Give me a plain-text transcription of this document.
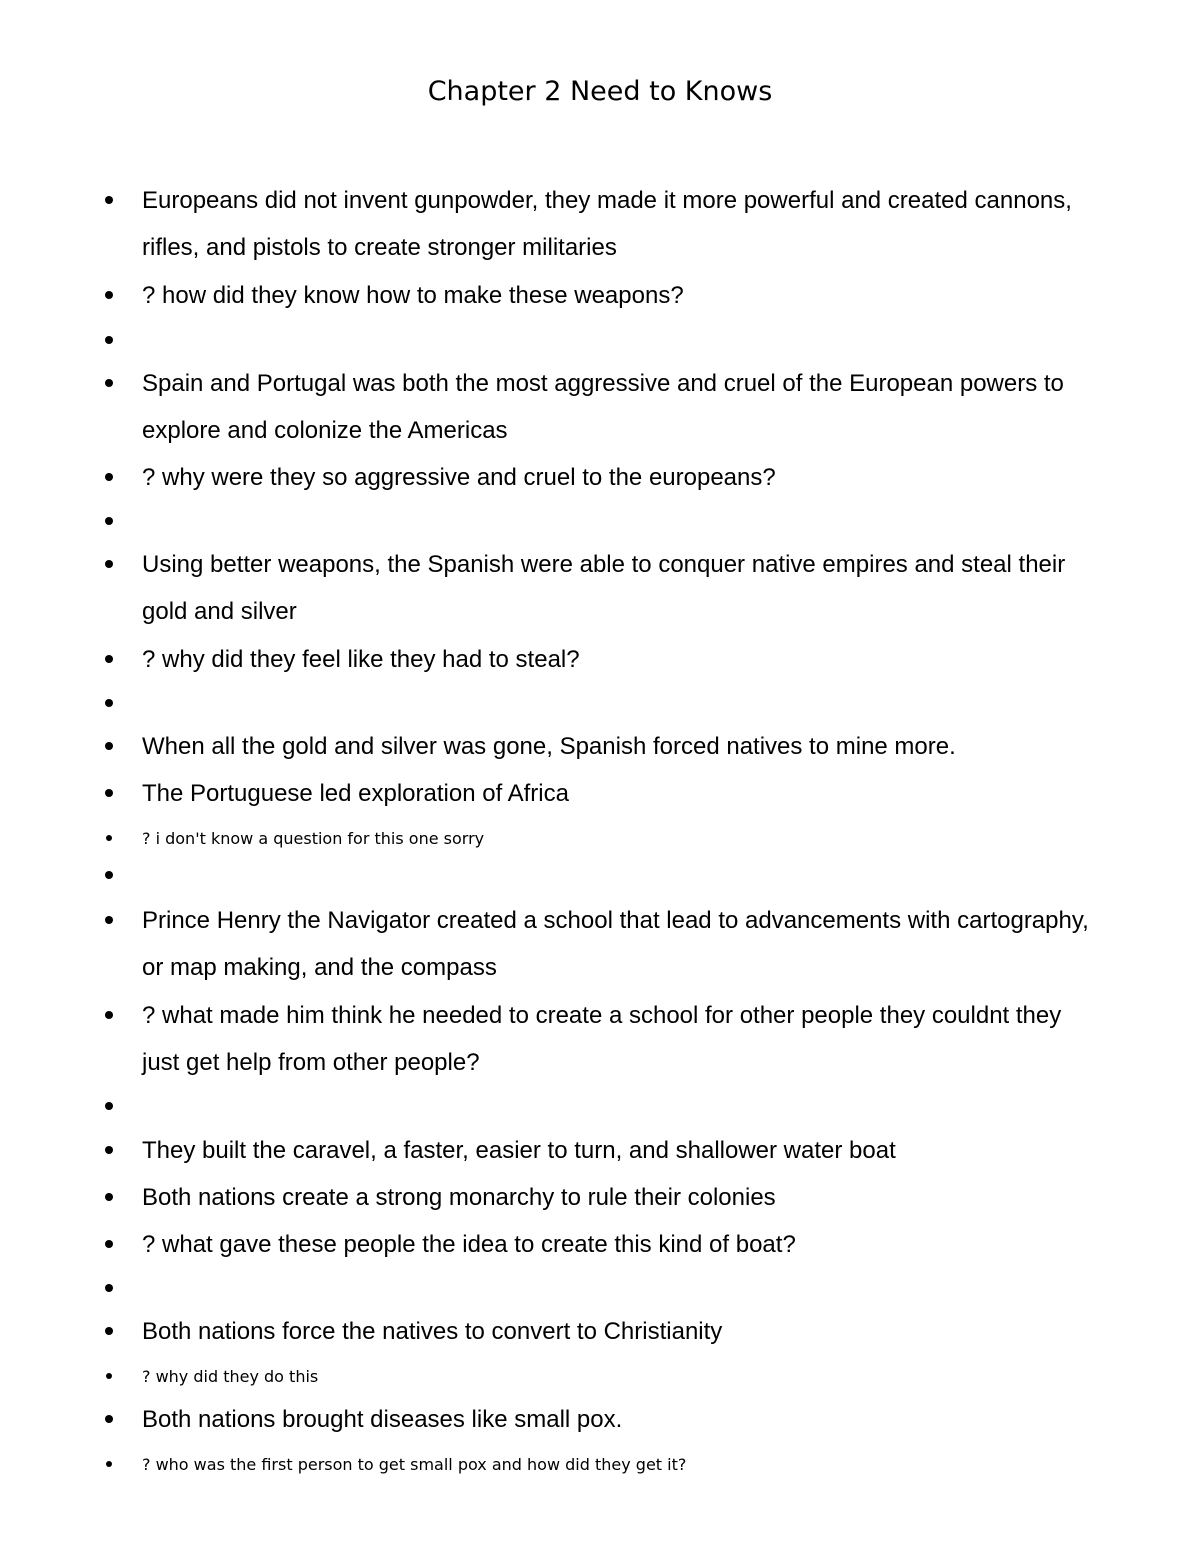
Chapter 2 Need to Knows
Europeans did not invent gunpowder, they made it more powerful and created cannons, rifles, and pistols to create stronger militaries
? how did they know how to make these weapons?
Spain and Portugal was both the most aggressive and cruel of the European powers to explore and colonize the Americas
? why were they so aggressive and cruel to the europeans?
Using better weapons, the Spanish were able to conquer native empires and steal their gold and silver
? why did they feel like they had to steal?
When all the gold and silver was gone, Spanish forced natives to mine more.
The Portuguese led exploration of Africa
? i don't know a question for this one sorry
Prince Henry the Navigator created a school that lead to advancements with cartography, or map making, and the compass
? what made him think he needed to create a school for other people they couldnt they just get help from other people?
They built the caravel, a faster, easier to turn, and shallower water boat
Both nations create a strong monarchy to rule their colonies
? what gave these people the idea to create this kind of boat?
Both nations force the natives to convert to Christianity
? why did they do this
Both nations brought diseases like small pox.
? who was the first person to get small pox and how did they get it?
